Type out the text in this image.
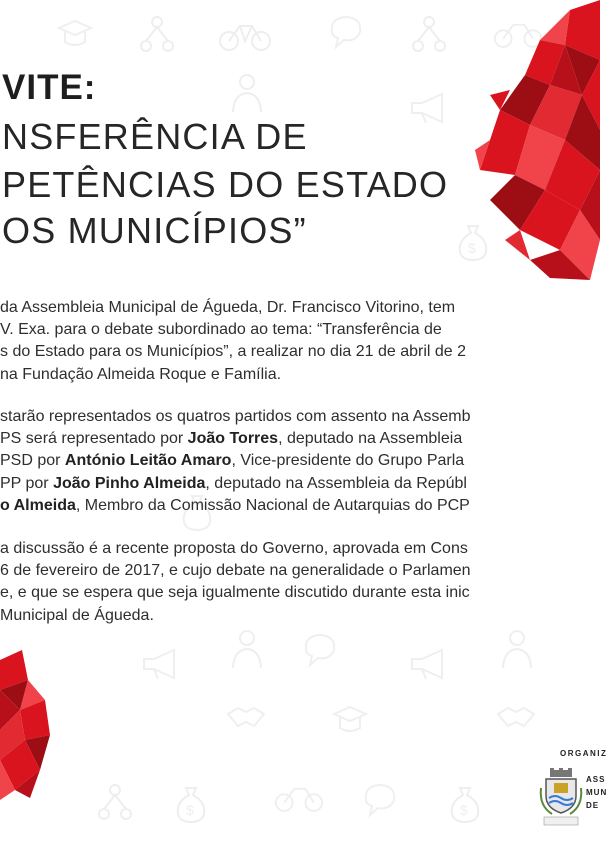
$
$	$
VITE:
NSFERÊNCIA DE
PETÊNCIAS DO ESTADO
OS MUNICÍPIOS”
da Assembleia Municipal de Águeda, Dr. Francisco Vitorino, tem
V. Exa. para o debate subordinado ao tema: “Transferência de
s do Estado para os Municípios”, a realizar no dia 21 de abril de 2
na Fundação Almeida Roque e Família.
starão representados os quatros partidos com assento na Assemb
PS será representado por João Torres, deputado na Assembleia
PSD por António Leitão Amaro, Vice-presidente do Grupo Parla
PP por João Pinho Almeida, deputado na Assembleia da Repúbl
o Almeida, Membro da Comissão Nacional de Autarquias do PCP
a discussão é a recente proposta do Governo, aprovada em Cons
6 de fevereiro de 2017, e cujo debate na generalidade o Parlamen
e, e que se espera que seja igualmente discutido durante esta inic
Municipal de Águeda.
ORGANIZ
ASS
MUN
DE
